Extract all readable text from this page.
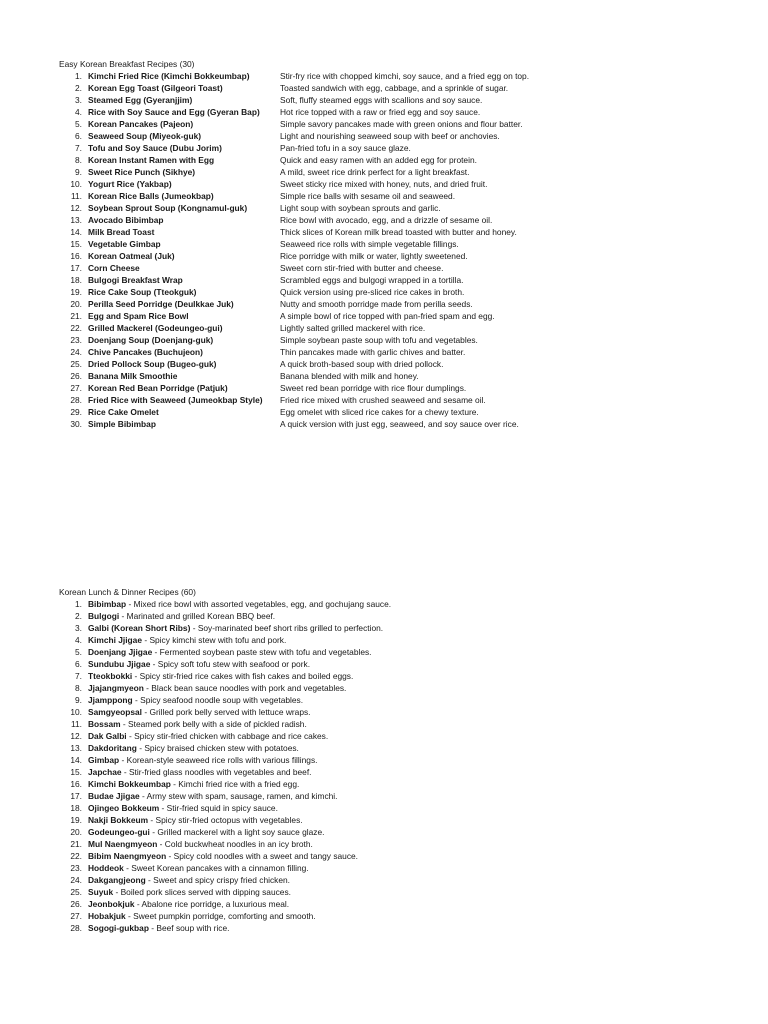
Easy Korean Breakfast Recipes (30)
1. Kimchi Fried Rice (Kimchi Bokkeumbap)	Stir-fry rice with chopped kimchi, soy sauce, and a fried egg on top.
2. Korean Egg Toast (Gilgeori Toast)	Toasted sandwich with egg, cabbage, and a sprinkle of sugar.
3. Steamed Egg (Gyeranjjim)	Soft, fluffy steamed eggs with scallions and soy sauce.
4. Rice with Soy Sauce and Egg (Gyeran Bap) Hot rice topped with a raw or fried egg and soy sauce.
5. Korean Pancakes (Pajeon)	Simple savory pancakes made with green onions and flour batter.
6. Seaweed Soup (Miyeok-guk)	Light and nourishing seaweed soup with beef or anchovies.
7. Tofu and Soy Sauce (Dubu Jorim)	Pan-fried tofu in a soy sauce glaze.
8. Korean Instant Ramen with Egg	Quick and easy ramen with an added egg for protein.
9. Sweet Rice Punch (Sikhye)	A mild, sweet rice drink perfect for a light breakfast.
10. Yogurt Rice (Yakbap)	Sweet sticky rice mixed with honey, nuts, and dried fruit.
11. Korean Rice Balls (Jumeokbap)	Simple rice balls with sesame oil and seaweed.
12. Soybean Sprout Soup (Kongnamul-guk)	Light soup with soybean sprouts and garlic.
13. Avocado Bibimbap	Rice bowl with avocado, egg, and a drizzle of sesame oil.
14. Milk Bread Toast	Thick slices of Korean milk bread toasted with butter and honey.
15. Vegetable Gimbap	Seaweed rice rolls with simple vegetable fillings.
16. Korean Oatmeal (Juk)	Rice porridge with milk or water, lightly sweetened.
17. Corn Cheese	Sweet corn stir-fried with butter and cheese.
18. Bulgogi Breakfast Wrap	Scrambled eggs and bulgogi wrapped in a tortilla.
19. Rice Cake Soup (Tteokguk)	Quick version using pre-sliced rice cakes in broth.
20. Perilla Seed Porridge (Deulkkae Juk)	Nutty and smooth porridge made from perilla seeds.
21. Egg and Spam Rice Bowl	A simple bowl of rice topped with pan-fried spam and egg.
22. Grilled Mackerel (Godeungeo-gui)	Lightly salted grilled mackerel with rice.
23. Doenjang Soup (Doenjang-guk)	Simple soybean paste soup with tofu and vegetables.
24. Chive Pancakes (Buchujeon)	Thin pancakes made with garlic chives and batter.
25. Dried Pollock Soup (Bugeo-guk)	A quick broth-based soup with dried pollock.
26. Banana Milk Smoothie	Banana blended with milk and honey.
27. Korean Red Bean Porridge (Patjuk)	Sweet red bean porridge with rice flour dumplings.
28. Fried Rice with Seaweed (Jumeokbap Style) Fried rice mixed with crushed seaweed and sesame oil.
29. Rice Cake Omelet	Egg omelet with sliced rice cakes for a chewy texture.
30. Simple Bibimbap	A quick version with just egg, seaweed, and soy sauce over rice.
Korean Lunch & Dinner Recipes (60)
1. Bibimbap - Mixed rice bowl with assorted vegetables, egg, and gochujang sauce.
2. Bulgogi - Marinated and grilled Korean BBQ beef.
3. Galbi (Korean Short Ribs) - Soy-marinated beef short ribs grilled to perfection.
4. Kimchi Jjigae - Spicy kimchi stew with tofu and pork.
5. Doenjang Jjigae - Fermented soybean paste stew with tofu and vegetables.
6. Sundubu Jjigae - Spicy soft tofu stew with seafood or pork.
7. Tteokbokki - Spicy stir-fried rice cakes with fish cakes and boiled eggs.
8. Jjajangmyeon - Black bean sauce noodles with pork and vegetables.
9. Jjamppong - Spicy seafood noodle soup with vegetables.
10. Samgyeopsal - Grilled pork belly served with lettuce wraps.
11. Bossam - Steamed pork belly with a side of pickled radish.
12. Dak Galbi - Spicy stir-fried chicken with cabbage and rice cakes.
13. Dakdoritang - Spicy braised chicken stew with potatoes.
14. Gimbap - Korean-style seaweed rice rolls with various fillings.
15. Japchae - Stir-fried glass noodles with vegetables and beef.
16. Kimchi Bokkeumbap - Kimchi fried rice with a fried egg.
17. Budae Jjigae - Army stew with spam, sausage, ramen, and kimchi.
18. Ojingeo Bokkeum - Stir-fried squid in spicy sauce.
19. Nakji Bokkeum - Spicy stir-fried octopus with vegetables.
20. Godeungeo-gui - Grilled mackerel with a light soy sauce glaze.
21. Mul Naengmyeon - Cold buckwheat noodles in an icy broth.
22. Bibim Naengmyeon - Spicy cold noodles with a sweet and tangy sauce.
23. Hoddeok - Sweet Korean pancakes with a cinnamon filling.
24. Dakgangjeong - Sweet and spicy crispy fried chicken.
25. Suyuk - Boiled pork slices served with dipping sauces.
26. Jeonbokjuk - Abalone rice porridge, a luxurious meal.
27. Hobakjuk - Sweet pumpkin porridge, comforting and smooth.
28. Sogogi-gukbap - Beef soup with rice.
